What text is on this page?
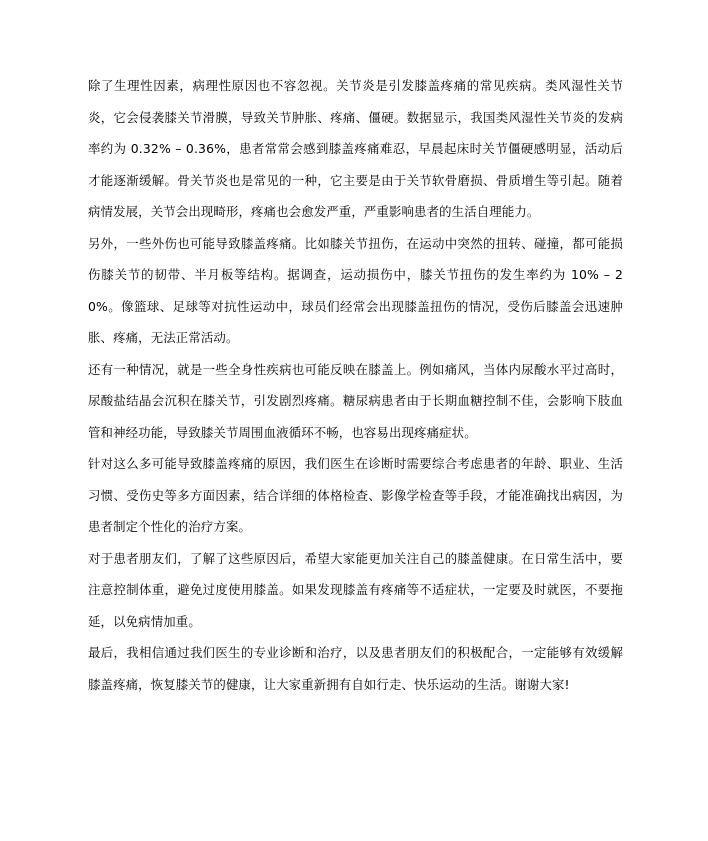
除了生理性因素，病理性原因也不容忽视。关节炎是引发膝盖疼痛的常见疾病。类风湿性关节炎，它会侵袭膝关节滑膜，导致关节肿胀、疼痛、僵硬。数据显示，我国类风湿性关节炎的发病率约为 0.32% – 0.36%，患者常常会感到膝盖疼痛难忍，早晨起床时关节僵硬感明显，活动后才能逐渐缓解。骨关节炎也是常见的一种，它主要是由于关节软骨磨损、骨质增生等引起。随着病情发展，关节会出现畸形，疼痛也会愈发严重，严重影响患者的生活自理能力。

另外，一些外伤也可能导致膝盖疼痛。比如膝关节扭伤，在运动中突然的扭转、碰撞，都可能损伤膝关节的韧带、半月板等结构。据调查，运动损伤中，膝关节扭伤的发生率约为 10% – 20%。像篮球、足球等对抗性运动中，球员们经常会出现膝盖扭伤的情况，受伤后膝盖会迅速肿胀、疼痛，无法正常活动。

还有一种情况，就是一些全身性疾病也可能反映在膝盖上。例如痛风，当体内尿酸水平过高时，尿酸盐结晶会沉积在膝关节，引发剧烈疼痛。糖尿病患者由于长期血糖控制不佳，会影响下肢血管和神经功能，导致膝关节周围血液循环不畅，也容易出现疼痛症状。

针对这么多可能导致膝盖疼痛的原因，我们医生在诊断时需要综合考虑患者的年龄、职业、生活习惯、受伤史等多方面因素，结合详细的体格检查、影像学检查等手段，才能准确找出病因，为患者制定个性化的治疗方案。

对于患者朋友们，了解了这些原因后，希望大家能更加关注自己的膝盖健康。在日常生活中，要注意控制体重，避免过度使用膝盖。如果发现膝盖有疼痛等不适症状，一定要及时就医，不要拖延，以免病情加重。

最后，我相信通过我们医生的专业诊断和治疗，以及患者朋友们的积极配合，一定能够有效缓解膝盖疼痛，恢复膝关节的健康，让大家重新拥有自如行走、快乐运动的生活。谢谢大家!
